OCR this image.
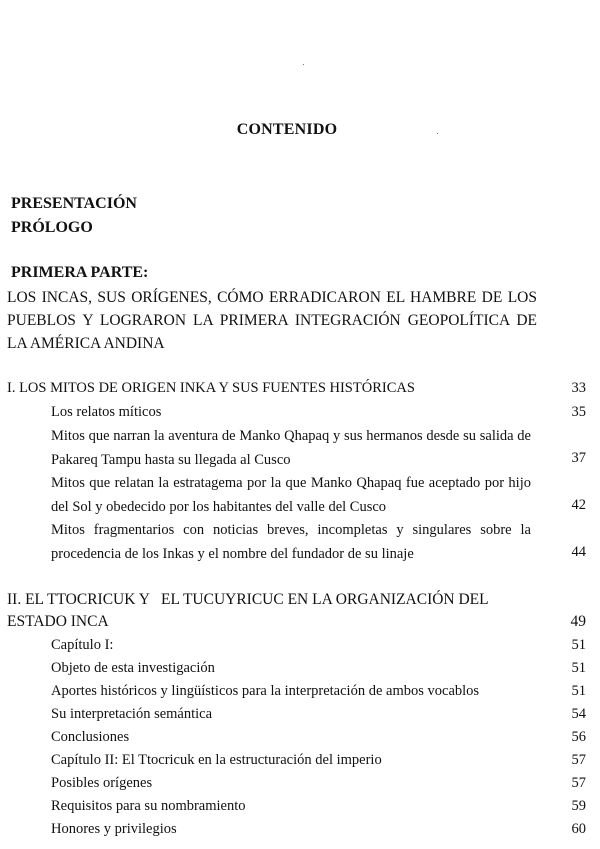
CONTENIDO
PRESENTACIÓN
PRÓLOGO
PRIMERA PARTE:
LOS INCAS, SUS ORÍGENES, CÓMO ERRADICARON EL HAMBRE DE LOS PUEBLOS Y LOGRARON LA PRIMERA INTEGRACIÓN GEOPOLÍTICA DE LA AMÉRICA ANDINA
I. LOS MITOS DE ORIGEN INKA Y SUS FUENTES HISTÓRICAS	33
Los relatos míticos	35
Mitos que narran la aventura de Manko Qhapaq y sus hermanos desde su salida de Pakareq Tampu hasta su llegada al Cusco	37
Mitos que relatan la estratagema por la que Manko Qhapaq fue aceptado por hijo del Sol y obedecido por los habitantes del valle del Cusco	42
Mitos fragmentarios con noticias breves, incompletas y singulares sobre la procedencia de los Inkas y el nombre del fundador de su linaje	44
II. EL TTOCRICUK Y   EL TUCUYRICUC EN LA ORGANIZACIÓN DEL
ESTADO INCA	49
Capítulo I:	51
Objeto de esta investigación	51
Aportes históricos y lingüísticos para la interpretación de ambos vocablos	51
Su interpretación semántica	54
Conclusiones	56
Capítulo II: El Ttocricuk en la estructuración del imperio	57
Posibles orígenes	57
Requisitos para su nombramiento	59
Honores y privilegios	60
